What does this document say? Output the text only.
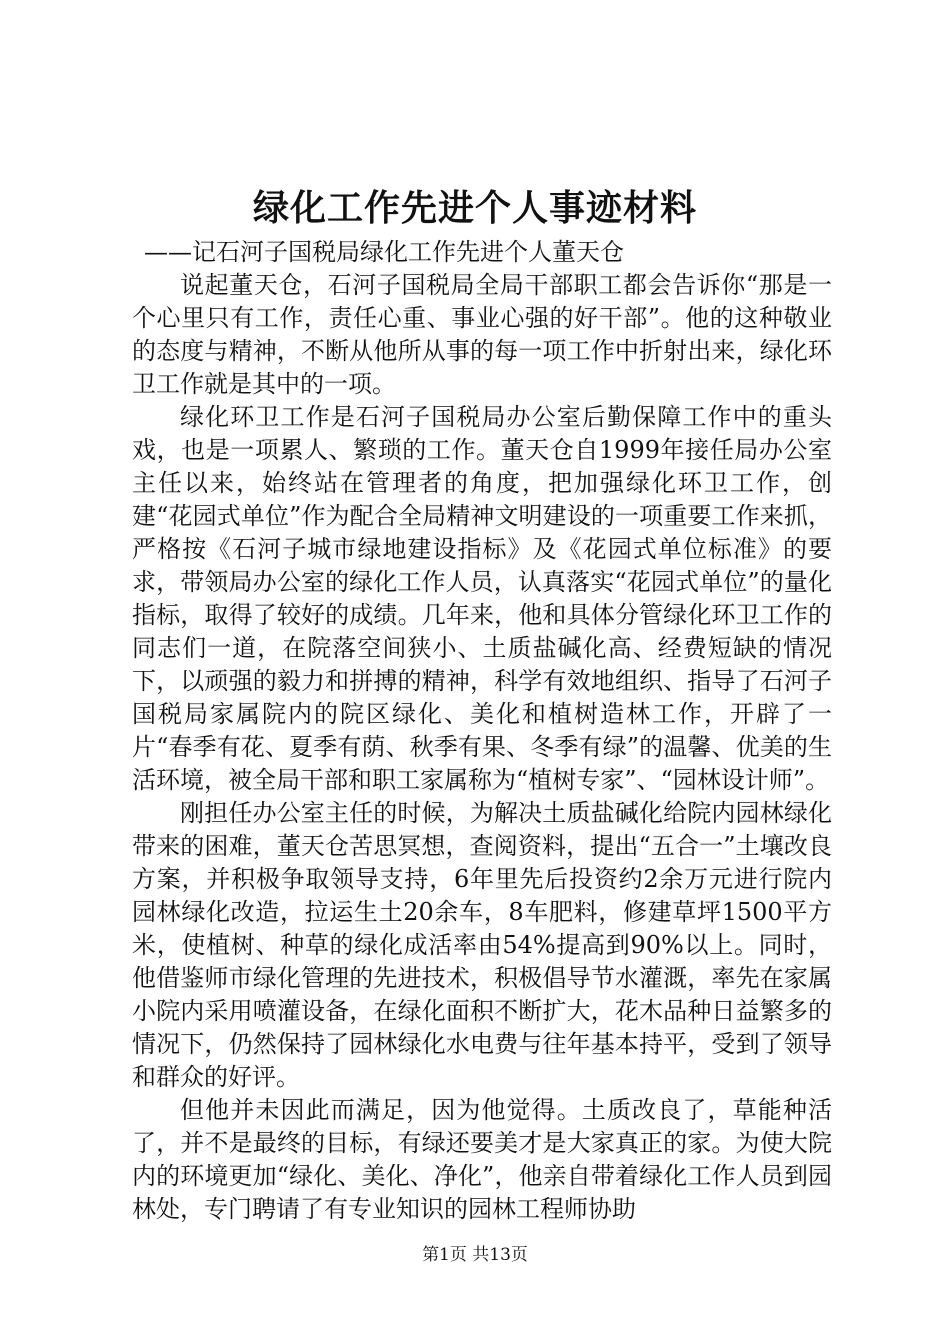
绿化工作先进个人事迹材料

——记石河子国税局绿化工作先进个人董天仓

说起董天仓，石河子国税局全局干部职工都会告诉你“那是一个心里只有工作，责任心重、事业心强的好干部”。他的这种敬业的态度与精神，不断从他所从事的每一项工作中折射出来，绿化环卫工作就是其中的一项。

绿化环卫工作是石河子国税局办公室后勤保障工作中的重头戏，也是一项累人、繁琐的工作。董天仓自1999年接任局办公室主任以来，始终站在管理者的角度，把加强绿化环卫工作，创建“花园式单位”作为配合全局精神文明建设的一项重要工作来抓，严格按《石河子城市绿地建设指标》及《花园式单位标准》的要求，带领局办公室的绿化工作人员，认真落实“花园式单位”的量化指标，取得了较好的成绩。几年来，他和具体分管绿化环卫工作的同志们一道，在院落空间狭小、土质盐碱化高、经费短缺的情况下，以顽强的毅力和拼搏的精神，科学有效地组织、指导了石河子国税局家属院内的院区绿化、美化和植树造林工作，开辟了一片“春季有花、夏季有荫、秋季有果、冬季有绿”的温馨、优美的生活环境，被全局干部和职工家属称为“植树专家”、“园林设计师”。

刚担任办公室主任的时候，为解决土质盐碱化给院内园林绿化带来的困难，董天仓苦思冥想，查阅资料，提出“五合一”土壤改良方案，并积极争取领导支持，6年里先后投资约2余万元进行院内园林绿化改造，拉运生土20余车，8车肥料，修建草坪1500平方米，使植树、种草的绿化成活率由54%提高到90%以上。同时，他借鉴师市绿化管理的先进技术，积极倡导节水灌溉，率先在家属小院内采用喷灌设备，在绿化面积不断扩大，花木品种日益繁多的情况下，仍然保持了园林绿化水电费与往年基本持平，受到了领导和群众的好评。

但他并未因此而满足，因为他觉得。土质改良了，草能种活了，并不是最终的目标，有绿还要美才是大家真正的家。为使大院内的环境更加“绿化、美化、净化”，他亲自带着绿化工作人员到园林处，专门聘请了有专业知识的园林工程师协助

第1页 共13页
